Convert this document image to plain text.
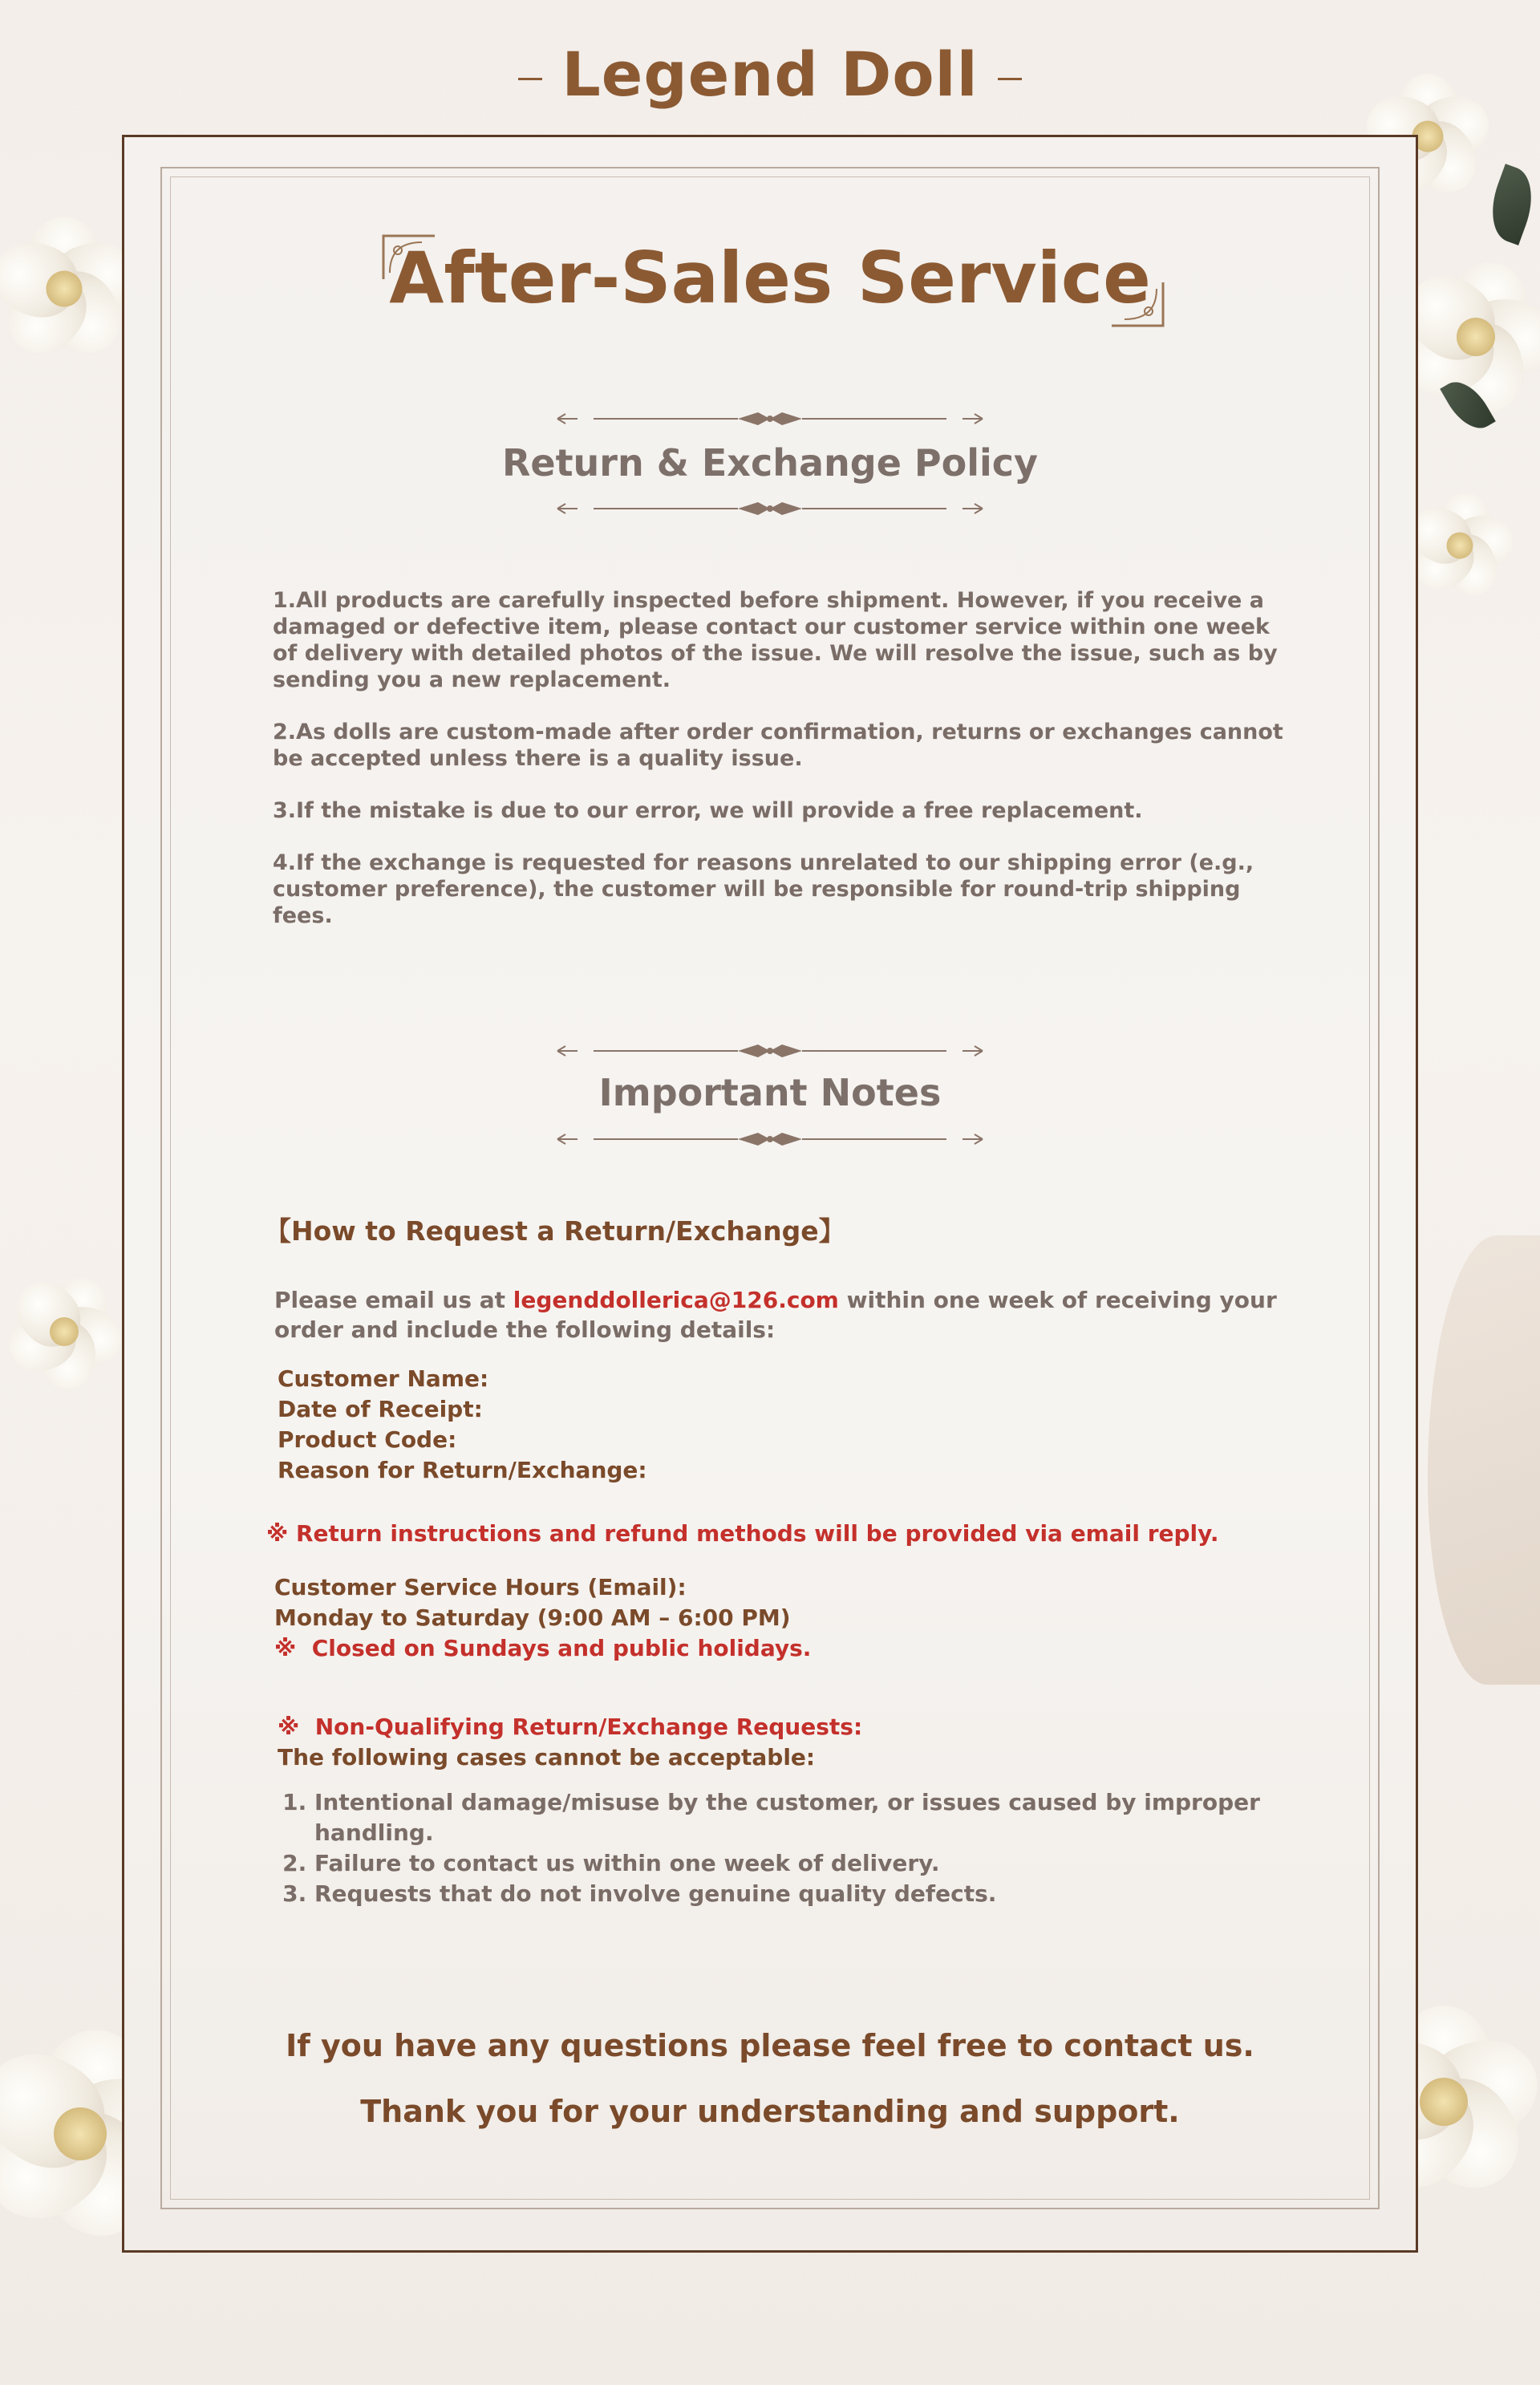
Legend Doll
After-Sales Service
Return & Exchange Policy

1.All products are carefully inspected before shipment. However, if you receive a damaged or defective item, please contact our customer service within one week of delivery with detailed photos of the issue. We will resolve the issue, such as by sending you a new replacement.

2.As dolls are custom-made after order confirmation, returns or exchanges cannot be accepted unless there is a quality issue.

3.If the mistake is due to our error, we will provide a free replacement.

4.If the exchange is requested for reasons unrelated to our shipping error (e.g., customer preference), the customer will be responsible for round-trip shipping fees.

Important Notes
【How to Request a Return/Exchange】
Please email us at legenddollerica@126.com within one week of receiving your order and include the following details:
Customer Name:
Date of Receipt:
Product Code:
Reason for Return/Exchange:
※ Return instructions and refund methods will be provided via email reply.
Customer Service Hours (Email):
Monday to Saturday (9:00 AM – 6:00 PM)
※ Closed on Sundays and public holidays.
※ Non-Qualifying Return/Exchange Requests:
The following cases cannot be acceptable:
1. Intentional damage/misuse by the customer, or issues caused by improper handling.
2. Failure to contact us within one week of delivery.
3. Requests that do not involve genuine quality defects.
If you have any questions please feel free to contact us.
Thank you for your understanding and support.
